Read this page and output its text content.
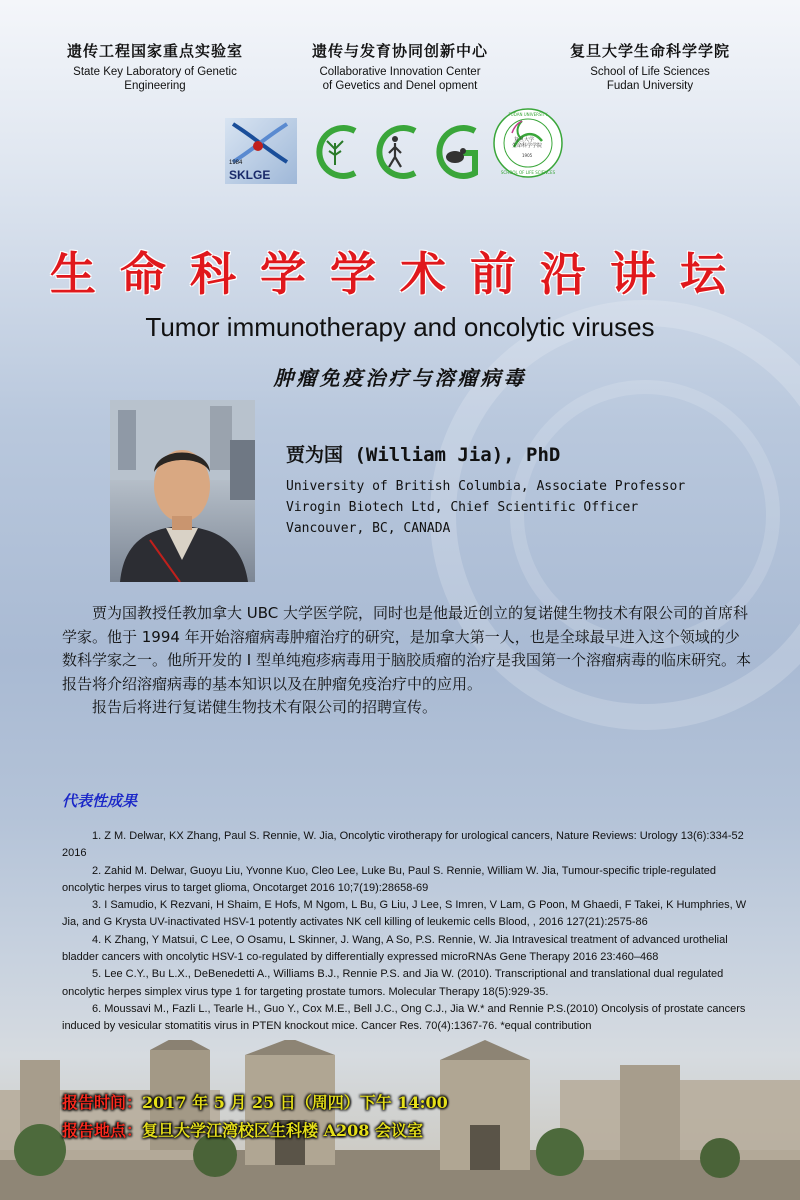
遗传工程国家重点实验室
State Key Laboratory of Genetic
Engineering
遗传与发育协同创新中心
Collaborative Innovation Center
of Gevetics and Denel opment
复旦大学生命科学学院
School of Life Sciences
Fudan University
1984
SKLGE
复旦大学
生命科学学院
1905
FUDAN UNIVERSITY
SCHOOL OF LIFE SCIENCES
生命科学学术前沿讲坛
Tumor immunotherapy and oncolytic viruses
肿瘤免疫治疗与溶瘤病毒
贾为国 (William Jia), PhD
University of British Columbia, Associate Professor
Virogin Biotech Ltd, Chief Scientific Officer
Vancouver, BC, CANADA

贾为国教授任教加拿大 UBC 大学医学院，同时也是他最近创立的复诺健生物技术有限公司的首席科学家。他于 1994 年开始溶瘤病毒肿瘤治疗的研究，是加拿大第一人，也是全球最早进入这个领域的少数科学家之一。他所开发的 I 型单纯疱疹病毒用于脑胶质瘤的治疗是我国第一个溶瘤病毒的临床研究。本报告将介绍溶瘤病毒的基本知识以及在肿瘤免疫治疗中的应用。

报告后将进行复诺健生物技术有限公司的招聘宣传。

代表性成果

1. Z M. Delwar, KX Zhang, Paul S. Rennie, W. Jia, Oncolytic virotherapy for urological cancers, Nature Reviews: Urology 13(6):334-52 2016

2. Zahid M. Delwar, Guoyu Liu, Yvonne Kuo, Cleo Lee, Luke Bu, Paul S. Rennie, William W. Jia, Tumour-specific triple-regulated oncolytic herpes virus to target glioma, Oncotarget 2016 10;7(19):28658-69

3. I Samudio, K Rezvani, H Shaim, E Hofs, M Ngom, L Bu, G Liu, J Lee, S Imren, V Lam, G Poon, M Ghaedi, F Takei, K Humphries, W Jia, and G Krysta UV-inactivated HSV-1 potently activates NK cell killing of leukemic cells Blood, , 2016 127(21):2575-86

4. K Zhang, Y Matsui, C Lee, O Osamu, L Skinner, J. Wang, A So, P.S. Rennie, W. Jia Intravesical treatment of advanced urothelial bladder cancers with oncolytic HSV-1 co-regulated by differentially expressed microRNAs Gene Therapy 2016 23:460–468

5. Lee C.Y., Bu L.X., DeBenedetti A., Williams B.J., Rennie P.S. and Jia W. (2010). Transcriptional and translational dual regulated oncolytic herpes simplex virus type 1 for targeting prostate tumors. Molecular Therapy 18(5):929-35.

6. Moussavi M., Fazli L., Tearle H., Guo Y., Cox M.E., Bell J.C., Ong C.J., Jia W.* and Rennie P.S.(2010) Oncolysis of prostate cancers induced by vesicular stomatitis virus in PTEN knockout mice. Cancer Res. 70(4):1367-76. *equal contribution

报告时间：2017 年 5 月 25 日（周四）下午 14:00
报告地点：复旦大学江湾校区生科楼 A208 会议室
